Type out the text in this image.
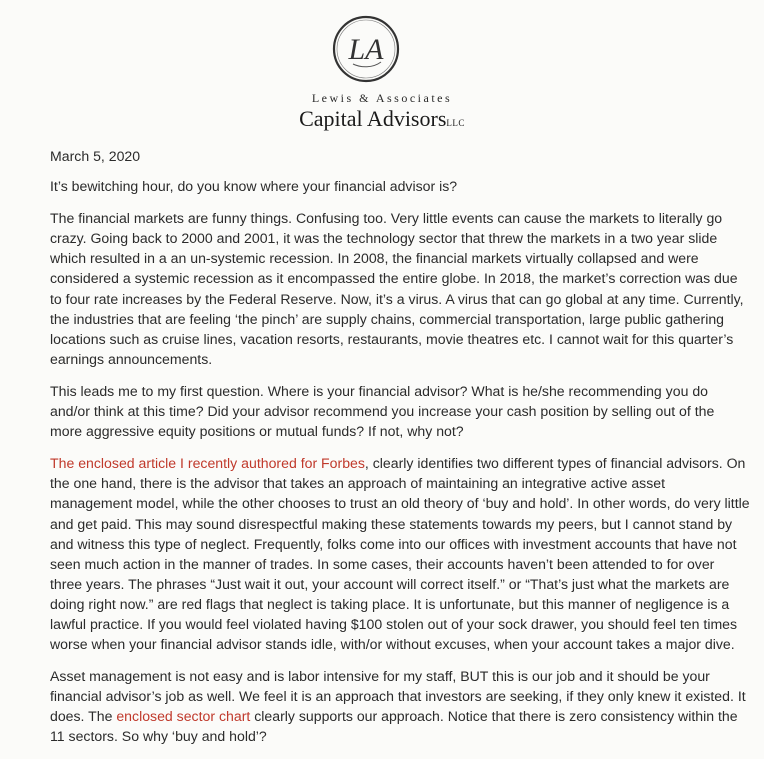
LA
Lewis & Associates
Capital AdvisorsLLC

March 5, 2020

It’s bewitching hour, do you know where your financial advisor is?

The financial markets are funny things. Confusing too. Very little events can cause the markets to literally go crazy. Going back to 2000 and 2001, it was the technology sector that threw the markets in a two year slide which resulted in a an un-systemic recession. In 2008, the financial markets virtually collapsed and were considered a systemic recession as it encompassed the entire globe. In 2018, the market’s correction was due to four rate increases by the Federal Reserve. Now, it’s a virus. A virus that can go global at any time. Currently, the industries that are feeling ‘the pinch’ are supply chains, commercial transportation, large public gathering locations such as cruise lines, vacation resorts, restaurants, movie theatres etc. I cannot wait for this quarter’s earnings announcements.

This leads me to my first question. Where is your financial advisor? What is he/she recommending you do and/or think at this time? Did your advisor recommend you increase your cash position by selling out of the more aggressive equity positions or mutual funds? If not, why not?

The enclosed article I recently authored for Forbes, clearly identifies two different types of financial advisors. On the one hand, there is the advisor that takes an approach of maintaining an integrative active asset management model, while the other chooses to trust an old theory of ‘buy and hold’. In other words, do very little and get paid. This may sound disrespectful making these statements towards my peers, but I cannot stand by and witness this type of neglect. Frequently, folks come into our offices with investment accounts that have not seen much action in the manner of trades. In some cases, their accounts haven’t been attended to for over three years. The phrases “Just wait it out, your account will correct itself.” or “That’s just what the markets are doing right now.” are red flags that neglect is taking place. It is unfortunate, but this manner of negligence is a lawful practice. If you would feel violated having $100 stolen out of your sock drawer, you should feel ten times worse when your financial advisor stands idle, with/or without excuses, when your account takes a major dive.

Asset management is not easy and is labor intensive for my staff, BUT this is our job and it should be your financial advisor’s job as well. We feel it is an approach that investors are seeking, if they only knew it existed. It does. The enclosed sector chart clearly supports our approach. Notice that there is zero consistency within the 11 sectors. So why ‘buy and hold’?
